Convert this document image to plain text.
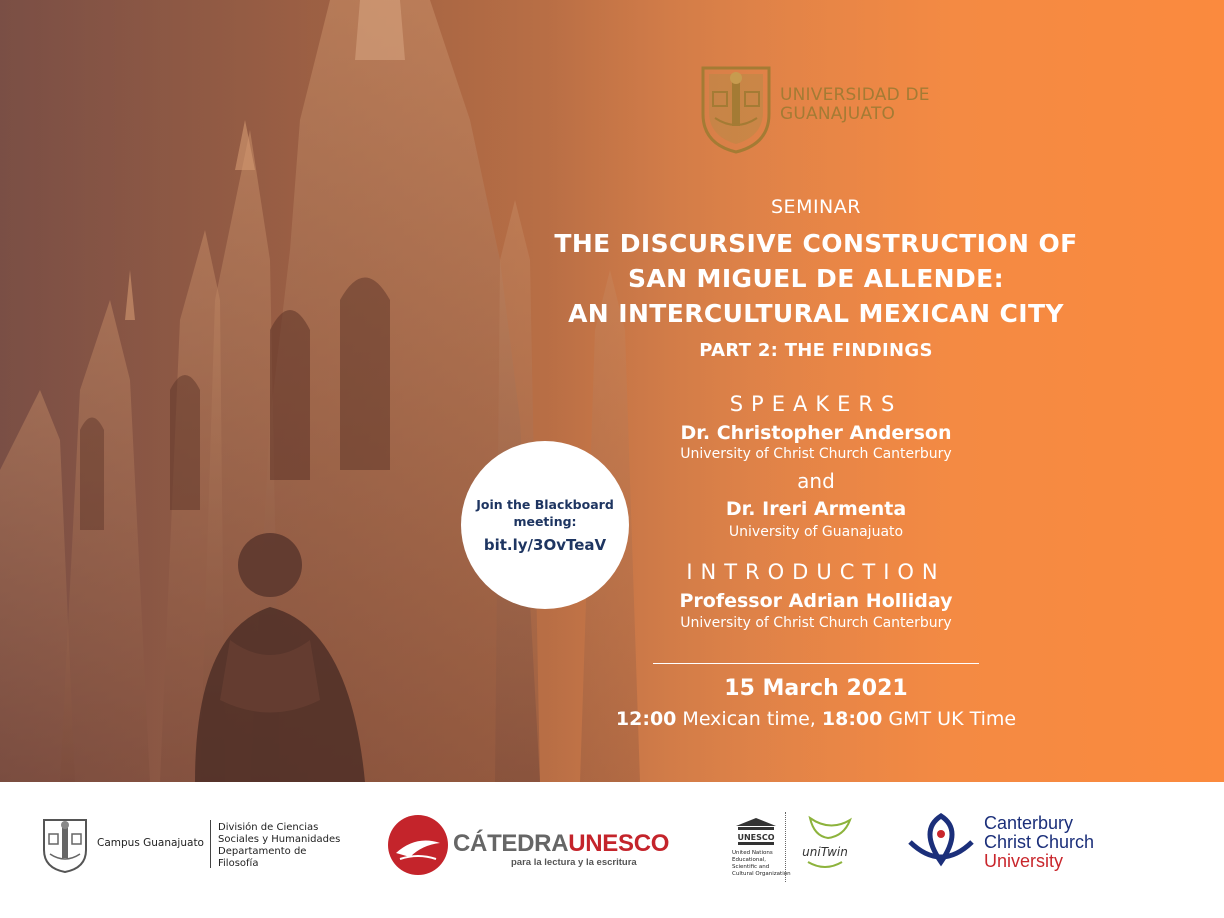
UNIVERSIDAD DE
GUANAJUATO
SEMINAR
THE DISCURSIVE CONSTRUCTION OF
SAN MIGUEL DE ALLENDE:
AN INTERCULTURAL MEXICAN CITY
PART 2: THE FINDINGS
SPEAKERS
Dr. Christopher Anderson
University of Christ Church Canterbury
and
Dr. Ireri Armenta
University of Guanajuato
INTRODUCTION
Professor Adrian Holliday
University of Christ Church Canterbury
15 March 2021
12:00 Mexican time, 18:00 GMT UK Time
Join the Blackboard
meeting:
bit.ly/3OvTeaV
Campus Guanajuato
División de Ciencias
Sociales y Humanidades
Departamento de
Filosofía
CÁTEDRAUNESCO
para la lectura y la escritura
UNESCO
United Nations
Educational, Scientific and
Cultural Organization
uniTwin
Canterbury
Christ Church
University
